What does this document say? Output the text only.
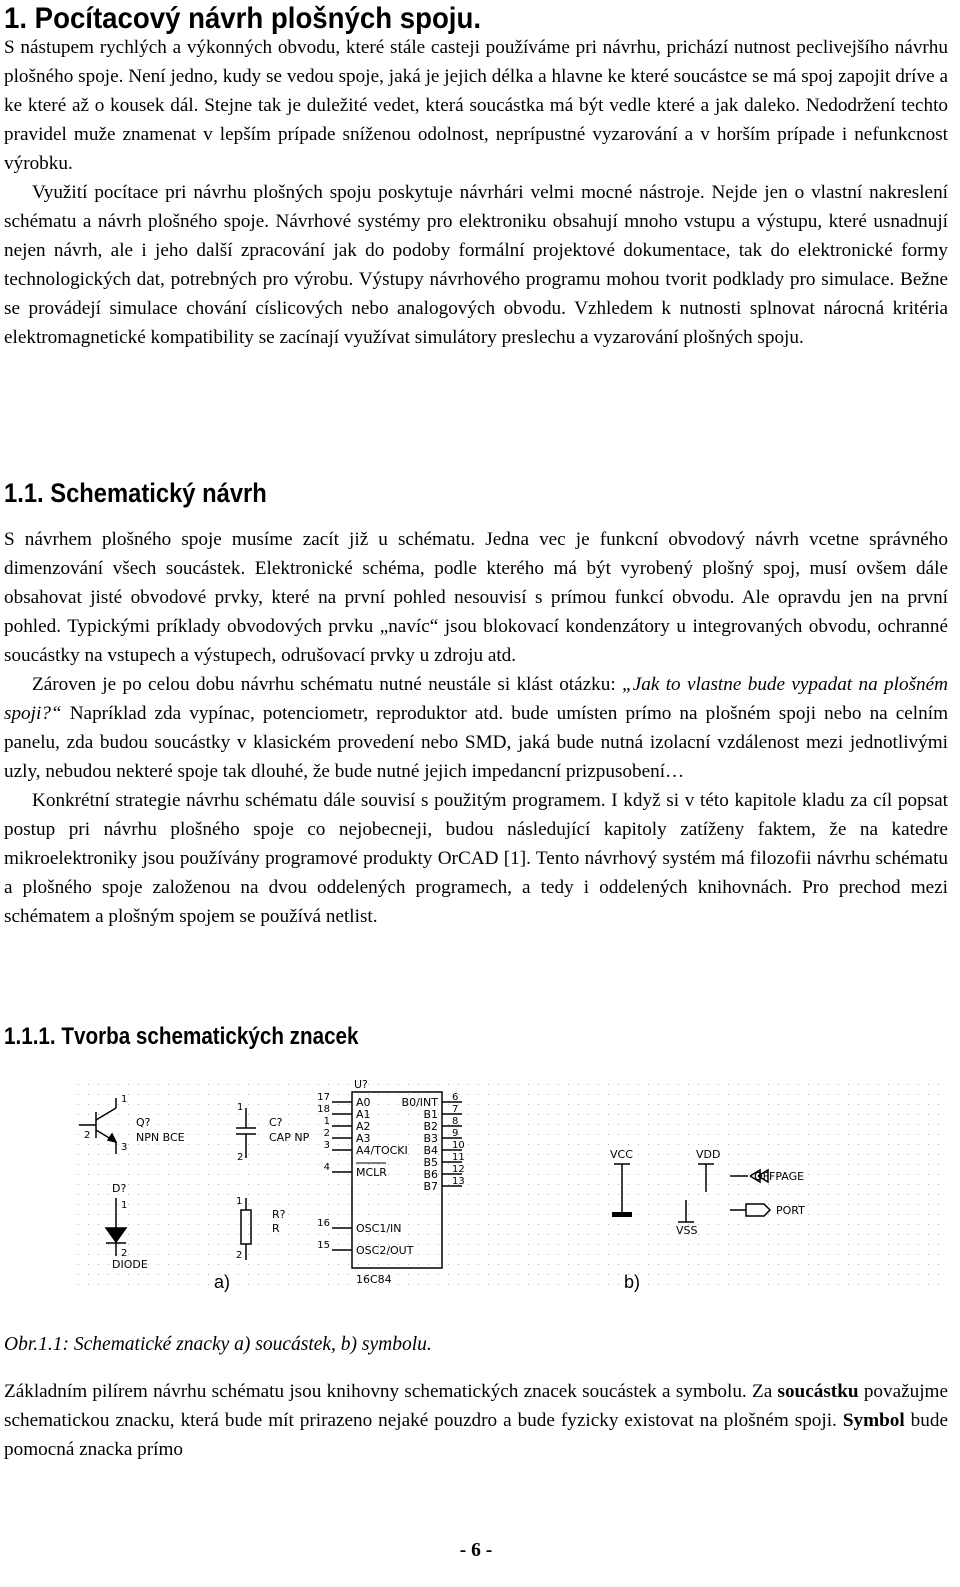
1. Pocítacový návrh plošných spoju.

S nástupem rychlých a výkonných obvodu, které stále casteji používáme pri návrhu, prichází nutnost peclivejšího návrhu plošného spoje. Není jedno, kudy se vedou spoje, jaká je jejich délka a hlavne ke které soucástce se má spoj zapojit dríve a ke které až o kousek dál. Stejne tak je duležité vedet, která soucástka má být vedle které a jak daleko. Nedodržení techto pravidel muže znamenat v lepším prípade sníženou odolnost, neprípustné vyzarování a v horším prípade i nefunkcnost výrobku.

Využití pocítace pri návrhu plošných spoju poskytuje návrhári velmi mocné nástroje. Nejde jen o vlastní nakreslení schématu a návrh plošného spoje. Návrhové systémy pro elektroniku obsahují mnoho vstupu a výstupu, které usnadnují nejen návrh, ale i jeho další zpracování jak do podoby formální projektové dokumentace, tak do elektronické formy technologických dat, potrebných pro výrobu. Výstupy návrhového programu mohou tvorit podklady pro simulace. Bežne se provádejí simulace chování císlicových nebo analogových obvodu. Vzhledem k nutnosti splnovat nárocná kritéria elektromagnetické kompatibility se zacínají využívat simulátory preslechu a vyzarování plošných spoju.

1.1. Schematický návrh

S návrhem plošného spoje musíme zacít již u schématu. Jedna vec je funkcní obvodový návrh vcetne správného dimenzování všech soucástek. Elektronické schéma, podle kterého má být vyrobený plošný spoj, musí ovšem dále obsahovat jisté obvodové prvky, které na první pohled nesouvisí s prímou funkcí obvodu. Ale opravdu jen na první pohled. Typickými príklady obvodových prvku „navíc“ jsou blokovací kondenzátory u integrovaných obvodu, ochranné soucástky na vstupech a výstupech, odrušovací prvky u zdroju atd.

Zároven je po celou dobu návrhu schématu nutné neustále si klást otázku: „Jak to vlastne bude vypadat na plošném spoji?“ Napríklad zda vypínac, potenciometr, reproduktor atd. bude umísten prímo na plošném spoji nebo na celním panelu, zda budou soucástky v klasickém provedení nebo SMD, jaká bude nutná izolacní vzdálenost mezi jednotlivými uzly, nebudou nekteré spoje tak dlouhé, že bude nutné jejich impedancní prizpusobení…

Konkrétní strategie návrhu schématu dále souvisí s použitým programem. I když si v této kapitole kladu za cíl popsat postup pri návrhu plošného spoje co nejobecneji, budou následující kapitoly zatíženy faktem, že na katedre mikroelektroniky jsou používány programové produkty OrCAD [1]. Tento návrhový systém má filozofii návrhu schématu a plošného spoje založenou na dvou oddelených programech, a tedy i oddelených knihovnách. Pro prechod mezi schématem a plošným spojem se používá netlist.

1.1.1. Tvorba schematických znacek
1
2
3
Q?
NPN BCE
1
2
C?
CAP NP
1
2
D?
DIODE
1
2
R?
R
U?
16C84
17 A0
18 A1
1 A2
2 A3
3 A4/TOCKI
4 MCLR
16 OSC1/IN
15 OSC2/OUT
6
B0/INT
7
B1
8
B2
9
B3
10
B4
11
B5
12
B6
13
B7
VCC	VDD
VSS
OFFPAGE
PORT
a)	b)
Obr.1.1: Schematické znacky a) soucástek, b) symbolu.

Základním pilírem návrhu schématu jsou knihovny schematických znacek soucástek a symbolu. Za soucástku považujme schematickou znacku, která bude mít prirazeno nejaké pouzdro a bude fyzicky existovat na plošném spoji. Symbol bude pomocná znacka prímo

- 6 -
